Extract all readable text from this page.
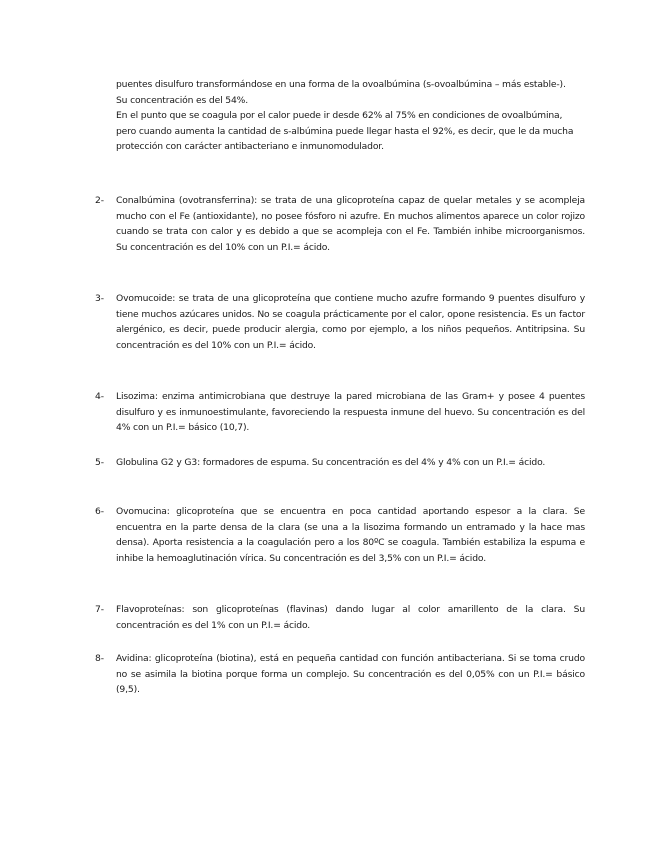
puentes disulfuro transformándose en una forma de la ovoalbúmina (s-ovoalbúmina – más estable-). Su concentración es del 54%.

En el punto que se coagula por el calor puede ir desde 62% al 75% en condiciones de ovoalbúmina, pero cuando aumenta la cantidad de s-albúmina puede llegar hasta el 92%, es decir, que le da mucha protección con carácter antibacteriano e inmunomodulador.

2-	Conalbúmina (ovotransferrina): se trata de una glicoproteína capaz de quelar metales y se acompleja mucho con el Fe (antioxidante), no posee fósforo ni azufre. En muchos alimentos aparece un color rojizo cuando se trata con calor y es debido a que se acompleja con el Fe. También inhibe microorganismos. Su concentración es del 10% con un P.I.= ácido.
3-	Ovomucoide: se trata de una glicoproteína que contiene mucho azufre formando 9 puentes disulfuro y tiene muchos azúcares unidos. No se coagula prácticamente por el calor, opone resistencia. Es un factor alergénico, es decir, puede producir alergia, como por ejemplo, a los niños pequeños. Antitripsina. Su concentración es del 10% con un P.I.= ácido.
4-	Lisozima: enzima antimicrobiana que destruye la pared microbiana de las Gram+ y posee 4 puentes disulfuro y es inmunoestimulante, favoreciendo la respuesta inmune del huevo. Su concentración es del 4% con un P.I.= básico (10,7).
5-	Globulina G2 y G3: formadores de espuma. Su concentración es del 4% y 4% con un P.I.= ácido.
6-	Ovomucina: glicoproteína que se encuentra en poca cantidad aportando espesor a la clara. Se encuentra en la parte densa de la clara (se una a la lisozima formando un entramado y la hace mas densa). Aporta resistencia a la coagulación pero a los 80ºC se coagula. También estabiliza la espuma e inhibe la hemoaglutinación vírica. Su concentración es del 3,5% con un P.I.= ácido.
7-	Flavoproteínas: son glicoproteínas (flavinas) dando lugar al color amarillento de la clara. Su concentración es del 1% con un P.I.= ácido.
8-	Avidina: glicoproteína (biotina), está en pequeña cantidad con función antibacteriana. Si se toma crudo no se asimila la biotina porque forma un complejo. Su concentración es del 0,05% con un P.I.= básico (9,5).
